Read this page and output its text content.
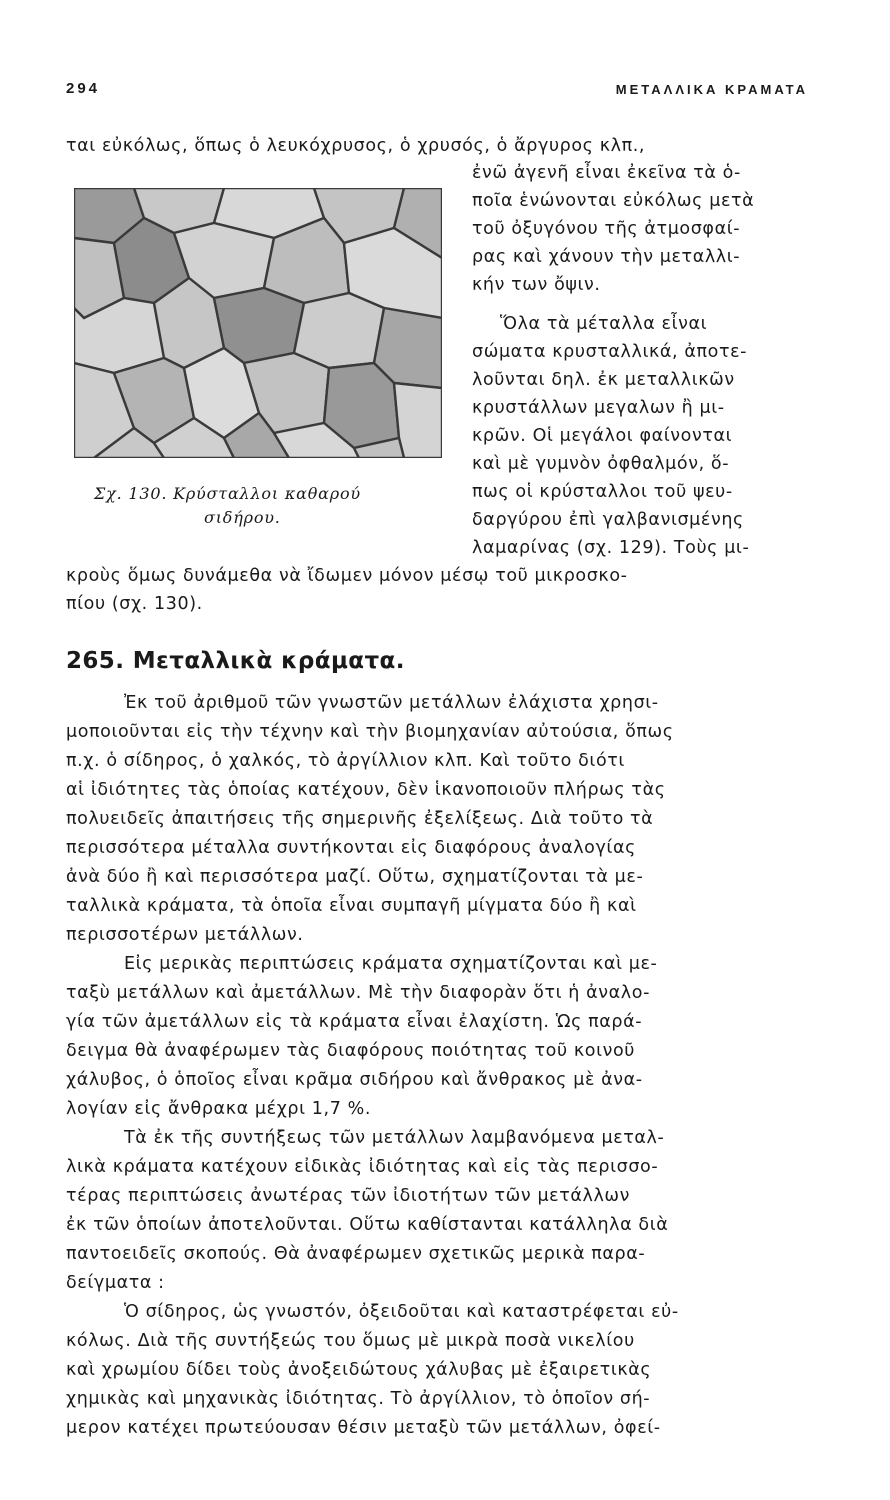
294	ΜΕΤΑΛΛΙΚΑ ΚΡΑΜΑΤΑ
ται εὐκόλως, ὅπως ὁ λευκόχρυσος, ὁ χρυσός, ὁ ἄργυρος κλπ.,
ἐνῶ ἀγενῆ εἶναι ἐκεῖνα τὰ ὁ-
ποῖα ἑνώνονται εὐκόλως μετὰ
τοῦ ὀξυγόνου τῆς ἀτμοσφαί-
ρας καὶ χάνουν τὴν μεταλλι-
κήν των ὄψιν.
Ὅλα τὰ μέταλλα εἶναι
σώματα κρυσταλλικά, ἀποτε-
λοῦνται δηλ. ἐκ μεταλλικῶν
κρυστάλλων μεγαλων ἢ μι-
κρῶν. Οἱ μεγάλοι φαίνονται
καὶ μὲ γυμνὸν ὀφθαλμόν, ὅ-
πως οἱ κρύσταλλοι τοῦ ψευ-
δαργύρου ἐπὶ γαλβανισμένης
λαμαρίνας (σχ. 129). Τοὺς μι-
κροὺς ὅμως δυνάμεθα νὰ ἴδωμεν μόνον μέσῳ τοῦ μικροσκο-
πίου (σχ. 130).
Σχ. 130. Κρύσταλλοι καθαρού
σιδήρου.
265. Μεταλλικὰ κράματα.
Ἐκ τοῦ ἀριθμοῦ τῶν γνωστῶν μετάλλων ἐλάχιστα χρησι-
μοποιοῦνται εἰς τὴν τέχνην καὶ τὴν βιομηχανίαν αὐτούσια, ὅπως
π.χ. ὁ σίδηρος, ὁ χαλκός, τὸ ἀργίλλιον κλπ. Καὶ τοῦτο διότι
αἱ ἰδιότητες τὰς ὁποίας κατέχουν, δὲν ἱκανοποιοῦν πλήρως τὰς
πολυειδεῖς ἀπαιτήσεις τῆς σημερινῆς ἐξελίξεως. Διὰ τοῦτο τὰ
περισσότερα μέταλλα συντήκονται εἰς διαφόρους ἀναλογίας
ἀνὰ δύο ἢ καὶ περισσότερα μαζί. Οὕτω, σχηματίζονται τὰ με-
ταλλικὰ κράματα, τὰ ὁποῖα εἶναι συμπαγῆ μίγματα δύο ἢ καὶ
περισσοτέρων μετάλλων.
Εἰς μερικὰς περιπτώσεις κράματα σχηματίζονται καὶ με-
ταξὺ μετάλλων καὶ ἀμετάλλων. Μὲ τὴν διαφορὰν ὅτι ἡ ἀναλο-
γία τῶν ἀμετάλλων εἰς τὰ κράματα εἶναι ἐλαχίστη. Ὡς παρά-
δειγμα θὰ ἀναφέρωμεν τὰς διαφόρους ποιότητας τοῦ κοινοῦ
χάλυβος, ὁ ὁποῖος εἶναι κρᾶμα σιδήρου καὶ ἄνθρακος μὲ ἀνα-
λογίαν εἰς ἄνθρακα μέχρι 1,7 %.
Τὰ ἐκ τῆς συντήξεως τῶν μετάλλων λαμβανόμενα μεταλ-
λικὰ κράματα κατέχουν εἰδικὰς ἰδιότητας καὶ εἰς τὰς περισσο-
τέρας περιπτώσεις ἀνωτέρας τῶν ἰδιοτήτων τῶν μετάλλων
ἐκ τῶν ὁποίων ἀποτελοῦνται. Οὕτω καθίστανται κατάλληλα διὰ
παντοειδεῖς σκοπούς. Θὰ ἀναφέρωμεν σχετικῶς μερικὰ παρα-
δείγματα :
Ὁ σίδηρος, ὡς γνωστόν, ὀξειδοῦται καὶ καταστρέφεται εὐ-
κόλως. Διὰ τῆς συντήξεώς του ὅμως μὲ μικρὰ ποσὰ νικελίου
καὶ χρωμίου δίδει τοὺς ἀνοξειδώτους χάλυβας μὲ ἐξαιρετικὰς
χημικὰς καὶ μηχανικὰς ἰδιότητας. Τὸ ἀργίλλιον, τὸ ὁποῖον σή-
μερον κατέχει πρωτεύουσαν θέσιν μεταξὺ τῶν μετάλλων, ὀφεί-
